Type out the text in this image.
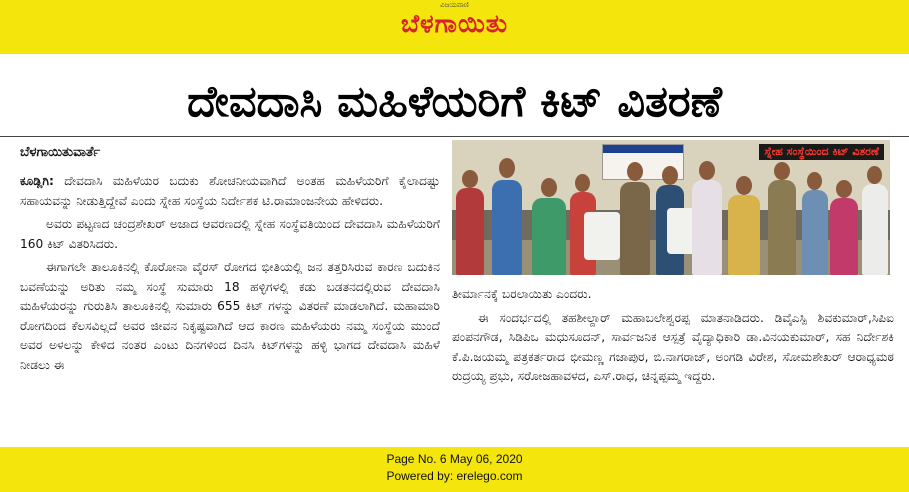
ವಿಜಯವಾಣಿ
ಬೆಳಗಾಯಿತು
ದೇವದಾಸಿ ಮಹಿಳೆಯರಿಗೆ ಕಿಟ್ ವಿತರಣೆ
ಬೆಳಗಾಯಿತುವಾರ್ತೆ

ಕೂಡ್ಲಿಗಿ: ದೇವದಾಸಿ ಮಹಿಳೆಯರ ಬದುಕು ಶೋಚನೀಯವಾಗಿದೆ ಅಂತಹ ಮಹಿಳೆಯರಿಗೆ ಕೈಲಾದಷ್ಟು ಸಹಾಯವನ್ನು ನೀಡುತ್ತಿದ್ದೇವೆ ಎಂದು ಸ್ನೇಹ ಸಂಸ್ಥೆಯ ನಿರ್ದೇಶಕ ಟಿ.ರಾಮಾಂಜನೇಯ ಹೇಳಿದರು.

ಅವರು ಪಟ್ಟಣದ ಚಂದ್ರಶೇಖರ್ ಅಜಾದ ಆವರಣದಲ್ಲಿ ಸ್ನೇಹ ಸಂಸ್ಥೆವತಿಯಿಂದ ದೇವದಾಸಿ ಮಹಿಳೆಯರಿಗೆ 160 ಕಿಟ್ ವಿತರಿಸಿದರು.

ಈಗಾಗಲೇ ತಾಲೂಕಿನಲ್ಲಿ ಕೊರೋನಾ ವೈರಸ್ ರೋಗದ ಭೀತಿಯಲ್ಲಿ ಜನ ತತ್ತರಿಸಿರುವ ಕಾರಣ ಬದುಕಿನ ಬವಣೆಯನ್ನು ಅರಿತು ನಮ್ಮ ಸಂಸ್ಥೆ ಸುಮಾರು 18 ಹಳ್ಳಿಗಳಲ್ಲಿ ಕಡು ಬಡತನದಲ್ಲಿರುವ ದೇವದಾಸಿ ಮಹಿಳೆಯರನ್ನು ಗುರುತಿಸಿ ತಾಲೂಕಿನಲ್ಲಿ ಸುಮಾರು 655 ಕಿಟ್ ಗಳನ್ನು ವಿತರಣೆ ಮಾಡಲಾಗಿದೆ. ಮಹಾಮಾರಿ ರೋಗದಿಂದ ಕೆಲಸವಿಲ್ಲದೆ ಅವರ ಜೀವನ ನಿಕೃಷ್ಟವಾಗಿದೆ ಆದ ಕಾರಣ ಮಹಿಳೆಯರು ನಮ್ಮ ಸಂಸ್ಥೆಯ ಮುಂದೆ ಅವರ ಅಳಲನ್ನು ಕೇಳಿದ ನಂತರ ಎಂಟು ದಿನಗಳಿಂದ ದಿನಸಿ ಕಿಟ್‌ಗಳನ್ನು ಹಳ್ಳಿ ಭಾಗದ ದೇವದಾಸಿ ಮಹಿಳೆ ನೀಡಲು ಈ

ಸ್ನೇಹ ಸಂಸ್ಥೆಯಿಂದ ಕಿಟ್ ವಿತರಣೆ

ತೀರ್ಮಾನಕ್ಕೆ ಬರಲಾಯಿತು ಎಂದರು.

ಈ ಸಂದರ್ಭದಲ್ಲಿ ತಹಶೀಲ್ದಾರ್ ಮಹಾಬಲೇಶ್ವರಪ್ಪ ಮಾತನಾಡಿದರು. ಡಿವೈಎಸ್ಪಿ ಶಿವಕುಮಾರ್,ಸಿಪಿಐ ಪಂಪನಗೌಡ, ಸಿಡಿಪಿಒ ಮಧುಸೂದನ್, ಸಾರ್ವಜನಿಕ ಆಸ್ಪತ್ರೆ ವೈದ್ಯಾಧಿಕಾರಿ ಡಾ.ವಿನಯಕುಮಾರ್, ಸಹ ನಿರ್ದೇಶಕಿ ಕೆ.ಪಿ.ಜಯಮ್ಮ ಪತ್ರಕರ್ತರಾದ ಭೀಮಣ್ಣ ಗಜಾಪುರ, ಬಿ.ನಾಗರಾಜ್, ಅಂಗಡಿ ವಿರೇಶ, ಸೋಮಶೇಖರ್ ಆರಾಧ್ಯಮಠ ರುದ್ರಯ್ಯ ಪ್ರಭು, ಸರೋಜಹಾವಳದ, ಎಸ್.ರಾಧ, ಚಿನ್ನಪ್ಪಮ್ಮ ಇದ್ದರು.

Page No. 6 May 06, 2020
Powered by: erelego.com
